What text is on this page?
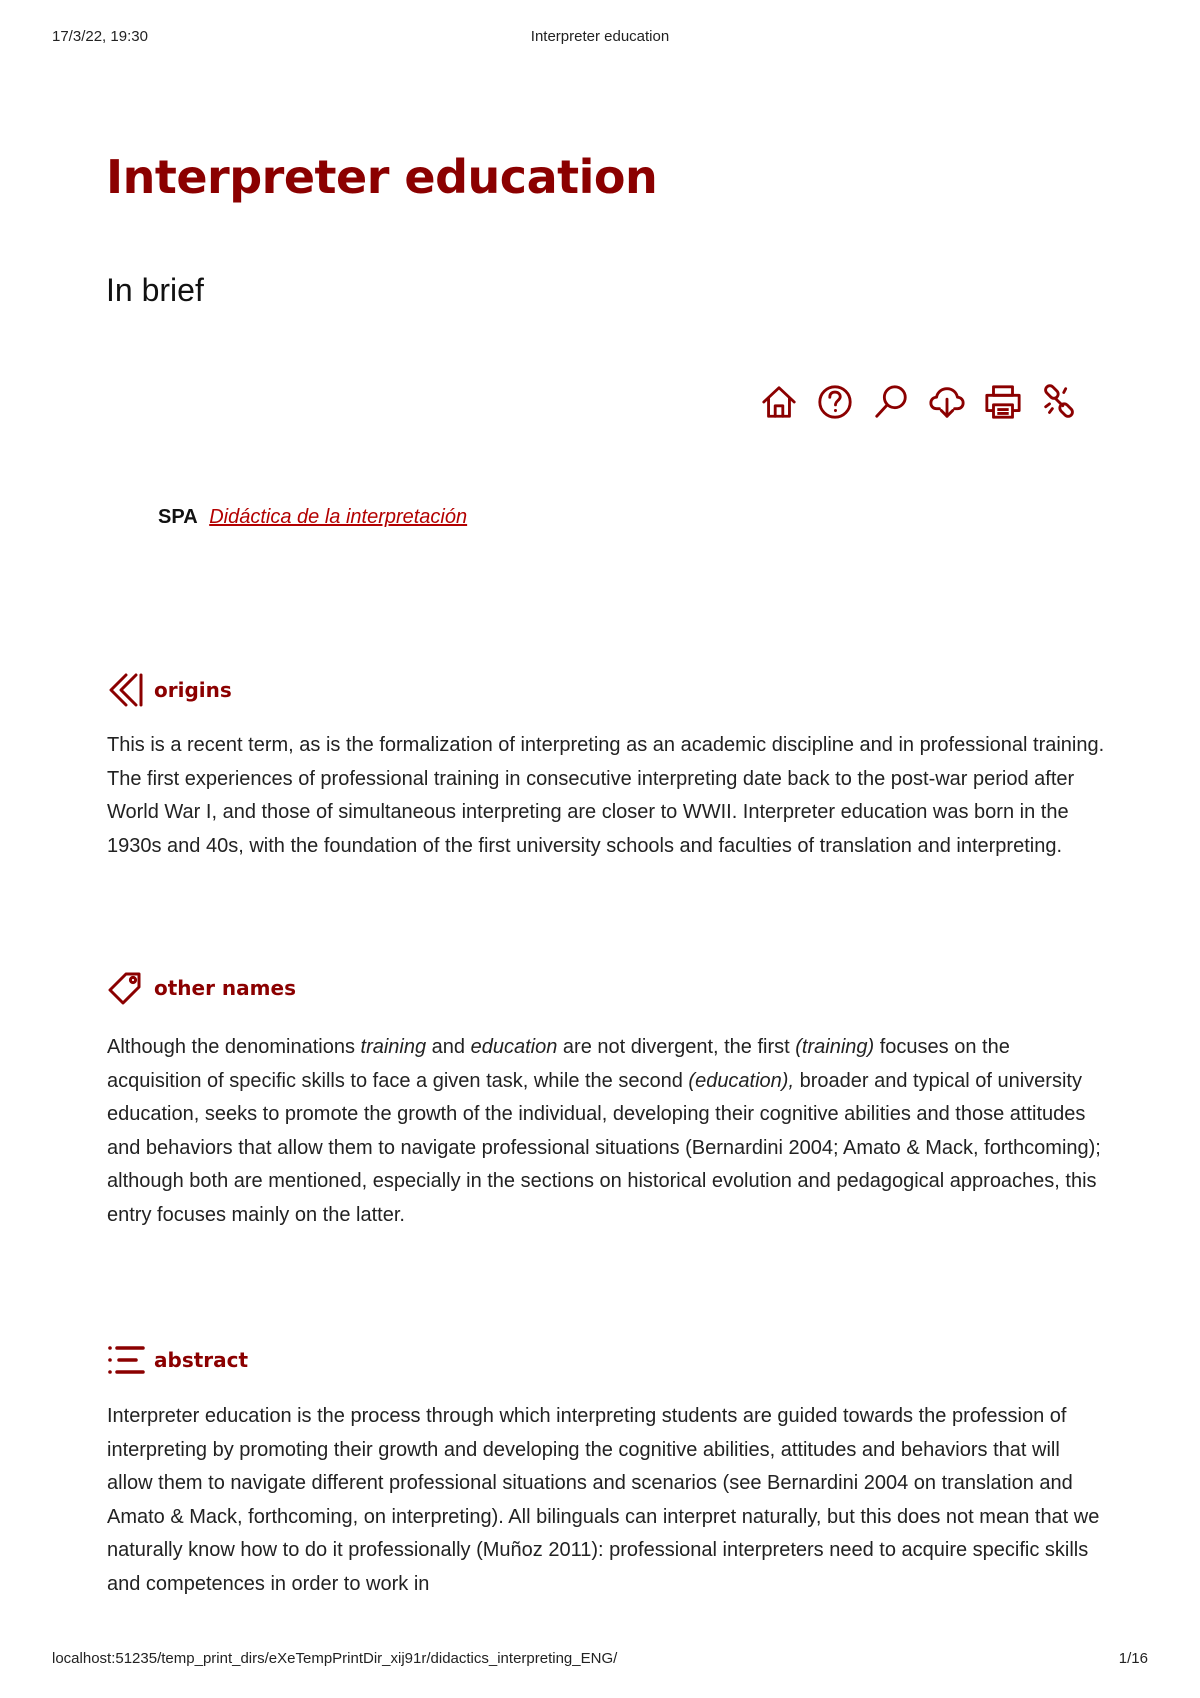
17/3/22, 19:30	Interpreter education
Interpreter education
In brief
SPA Didáctica de la interpretación
origins

This is a recent term, as is the formalization of interpreting as an academic discipline and in professional training. The first experiences of professional training in consecutive interpreting date back to the post-war period after World War I, and those of simultaneous interpreting are closer to WWII. Interpreter education was born in the 1930s and 40s, with the foundation of the first university schools and faculties of translation and interpreting.

other names

Although the denominations training and education are not divergent, the first (training) focuses on the acquisition of specific skills to face a given task, while the second (education), broader and typical of university education, seeks to promote the growth of the individual, developing their cognitive abilities and those attitudes and behaviors that allow them to navigate professional situations (Bernardini 2004; Amato & Mack, forthcoming); although both are mentioned, especially in the sections on historical evolution and pedagogical approaches, this entry focuses mainly on the latter.

abstract

Interpreter education is the process through which interpreting students are guided towards the profession of interpreting by promoting their growth and developing the cognitive abilities, attitudes and behaviors that will allow them to navigate different professional situations and scenarios (see Bernardini 2004 on translation and Amato & Mack, forthcoming, on interpreting). All bilinguals can interpret naturally, but this does not mean that we naturally know how to do it professionally (Muñoz 2011): professional interpreters need to acquire specific skills and competences in order to work in

localhost:51235/temp_print_dirs/eXeTempPrintDir_xij91r/didactics_interpreting_ENG/	1/16
